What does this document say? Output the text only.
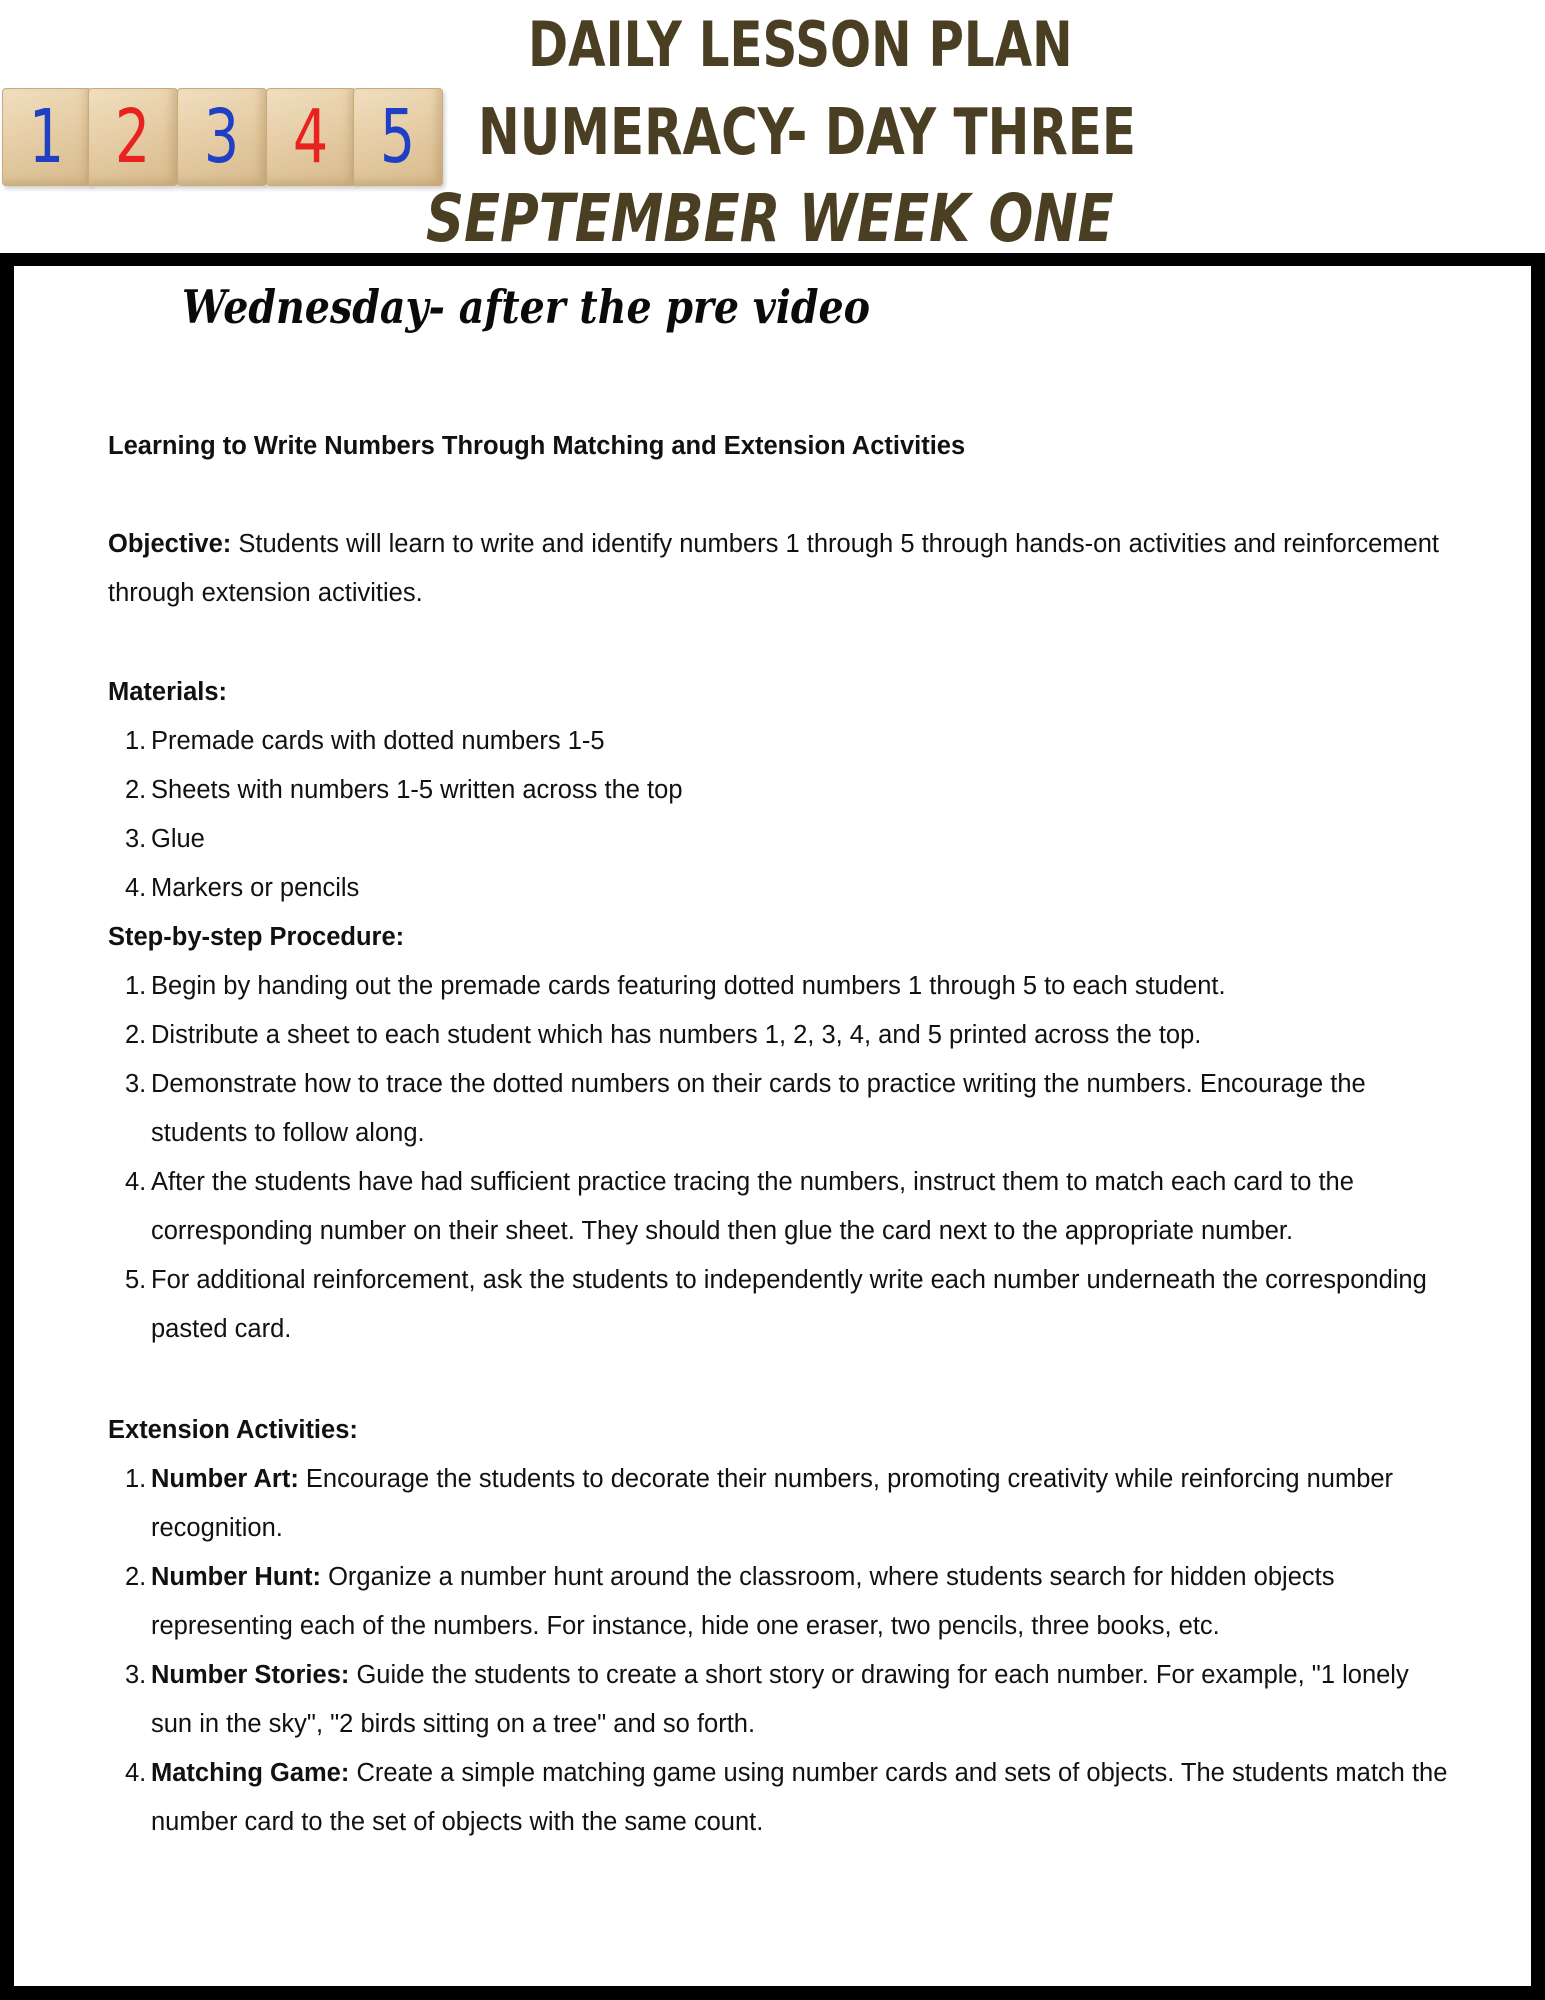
1 2 3 4 5
DAILY LESSON PLAN
NUMERACY- DAY THREE
SEPTEMBER WEEK ONE
Wednesday- after the pre video
Learning to Write Numbers Through Matching and Extension Activities
Objective: Students will learn to write and identify numbers 1 through 5 through hands-on activities and reinforcement through extension activities.
Materials:
1. Premade cards with dotted numbers 1-5
2. Sheets with numbers 1-5 written across the top
3. Glue
4. Markers or pencils
Step-by-step Procedure:
1. Begin by handing out the premade cards featuring dotted numbers 1 through 5 to each student.
2. Distribute a sheet to each student which has numbers 1, 2, 3, 4, and 5 printed across the top.
3. Demonstrate how to trace the dotted numbers on their cards to practice writing the numbers. Encourage the students to follow along.
4. After the students have had sufficient practice tracing the numbers, instruct them to match each card to the corresponding number on their sheet. They should then glue the card next to the appropriate number.
5. For additional reinforcement, ask the students to independently write each number underneath the corresponding pasted card.
Extension Activities:
1. Number Art: Encourage the students to decorate their numbers, promoting creativity while reinforcing number recognition.
2. Number Hunt: Organize a number hunt around the classroom, where students search for hidden objects representing each of the numbers. For instance, hide one eraser, two pencils, three books, etc.
3. Number Stories: Guide the students to create a short story or drawing for each number. For example, "1 lonely sun in the sky", "2 birds sitting on a tree" and so forth.
4. Matching Game: Create a simple matching game using number cards and sets of objects. The students match the number card to the set of objects with the same count.
